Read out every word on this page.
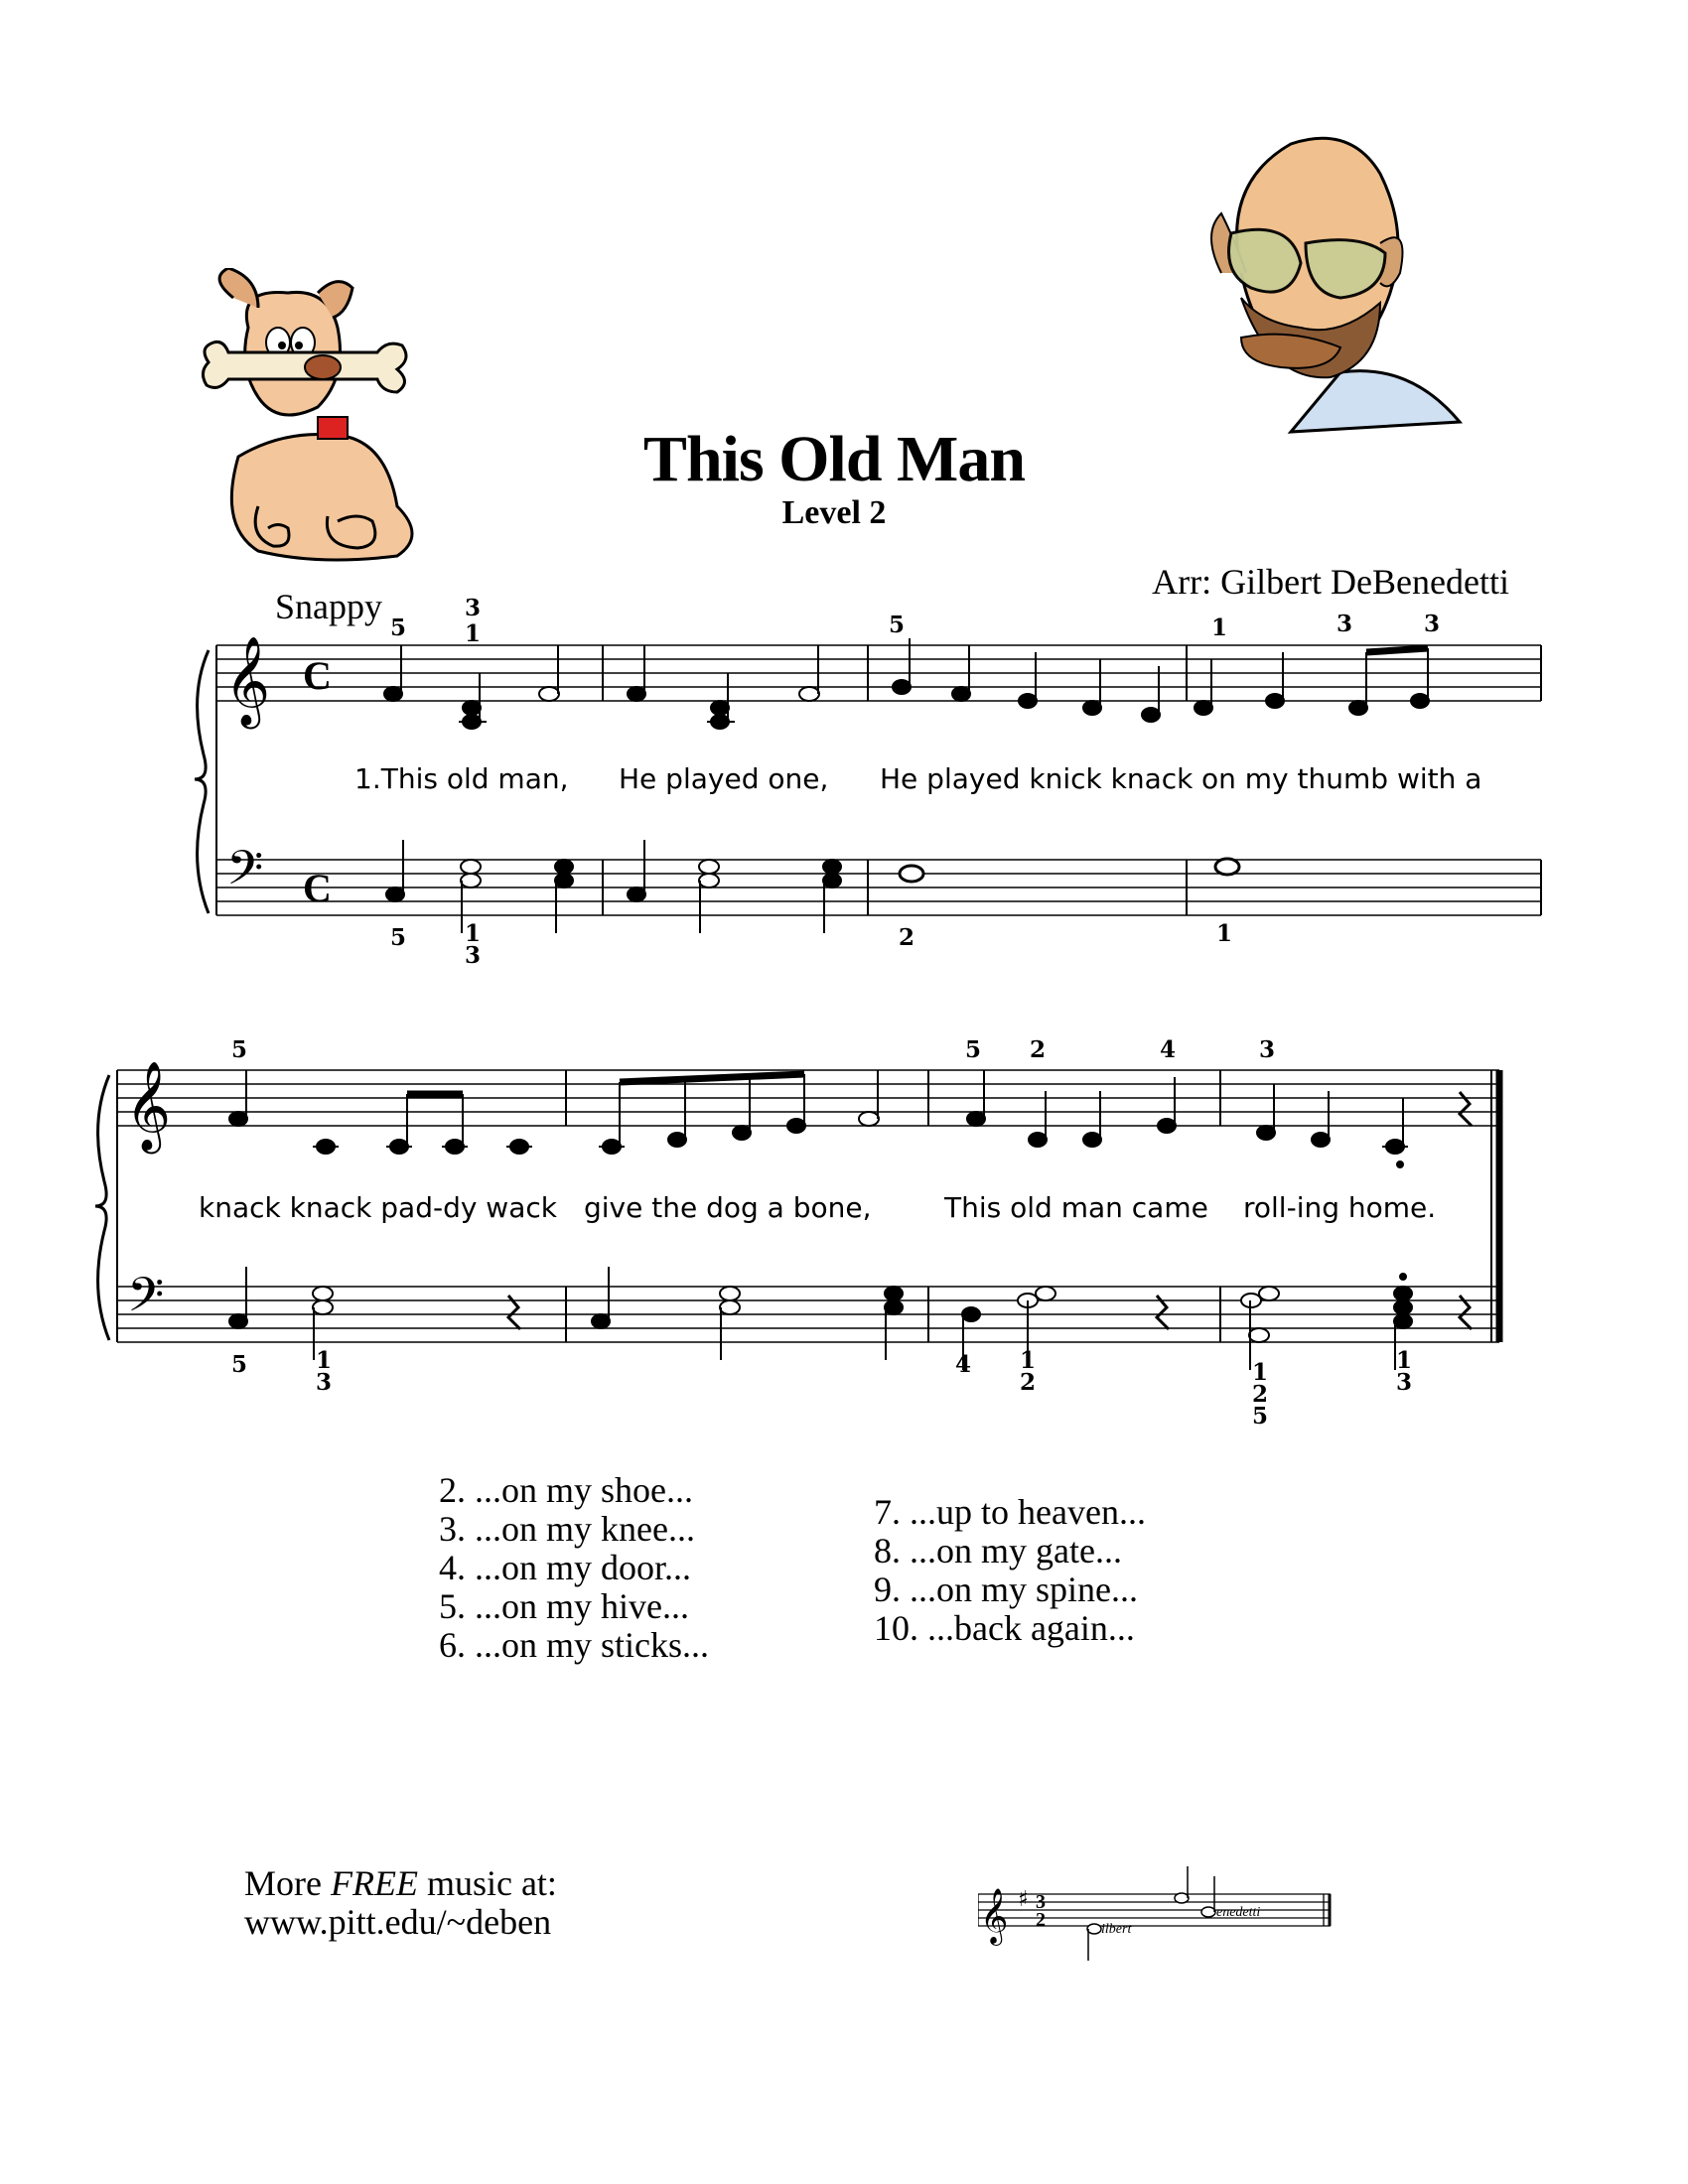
This Old Man
Level 2
Arr: Gilbert DeBenedetti
Snappy
𝄞
𝄢
C
C
5
3
1	5	1	3	3
5	1
3
2	1
1.This old man, He played one, He played knick knack on my thumb with a
𝄞
𝄢
5	5 2	4	3
5	1
3
4 1
2	1
2
5
1
3
knack knack pad-dy wack give the dog a bone,	This old man came roll-ing home.
2. ...on my shoe...
3. ...on my knee...
4. ...on my door...
5. ...on my hive...
6. ...on my sticks...
7. ...up to heaven...
8. ...on my gate...
9. ...on my spine...
10. ...back again...
More FREE music at:
www.pitt.edu/~deben	𝄞 ♯ 3
2	ilbert
enedetti
